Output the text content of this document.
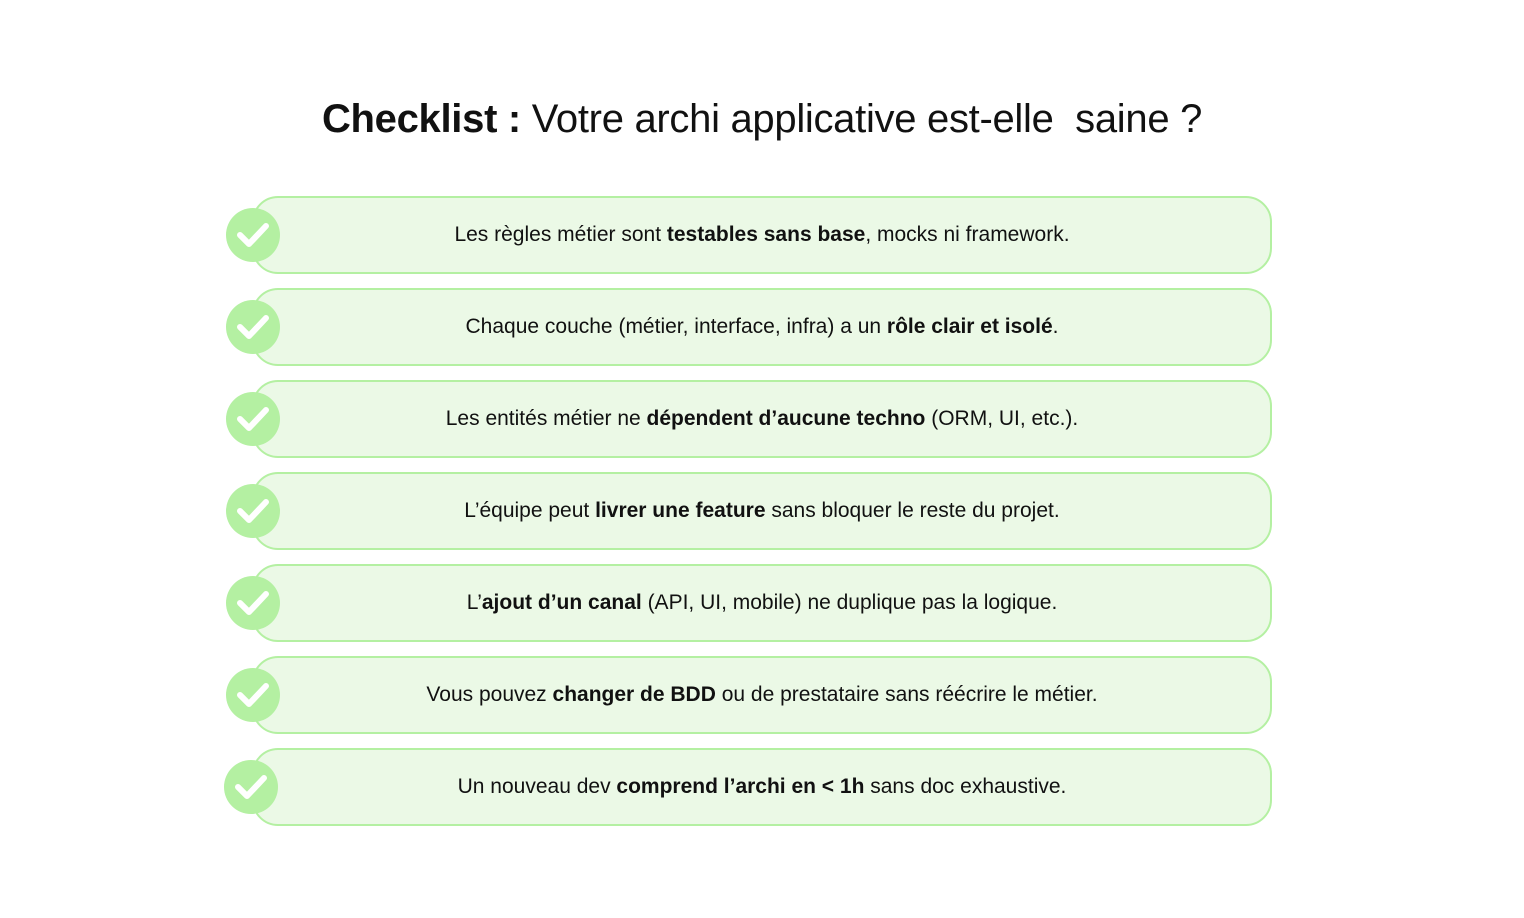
Checklist : Votre archi applicative est-elle  saine ?
Les règles métier sont testables sans base , mocks ni framework.
Chaque couche (métier, interface, infra) a un rôle clair et isolé .
Les entités métier ne dépendent d’aucune techno (ORM, UI, etc.).
L’équipe peut livrer une feature sans bloquer le reste du projet.
L’ ajout d’un canal (API, UI, mobile) ne duplique pas la logique.
Vous pouvez changer de BDD ou de prestataire sans réécrire le métier.
Un nouveau dev comprend l’archi en < 1h sans doc exhaustive.
